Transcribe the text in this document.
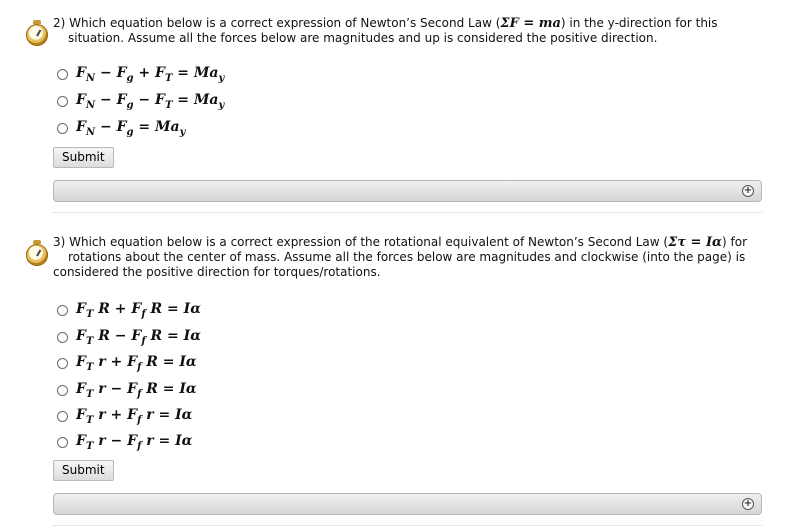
2) Which equation below is a correct expression of Newton’s Second Law (ΣF = ma) in the y-direction for this
situation. Assume all the forces below are magnitudes and up is considered the positive direction.
$F_N - F_g + F_T = Ma_y$
$F_N - F_g - F_T = Ma_y$
$F_N - F_g = Ma_y$
Submit
+
3) Which equation below is a correct expression of the rotational equivalent of Newton’s Second Law (Στ = Iα) for
rotations about the center of mass. Assume all the forces below are magnitudes and clockwise (into the page) is
considered the positive direction for torques/rotations.
$F_T$ $R + F_f$ R = Iα
$F_T$ $R - F_f$ R = Iα
$F_T$ $r + F_f$ R = Iα
$F_T$ $r - F_f$ R = Iα
$F_T$ $r + F_f$ r = Iα
$F_T$ $r - F_f$ r = Iα
Submit
+
